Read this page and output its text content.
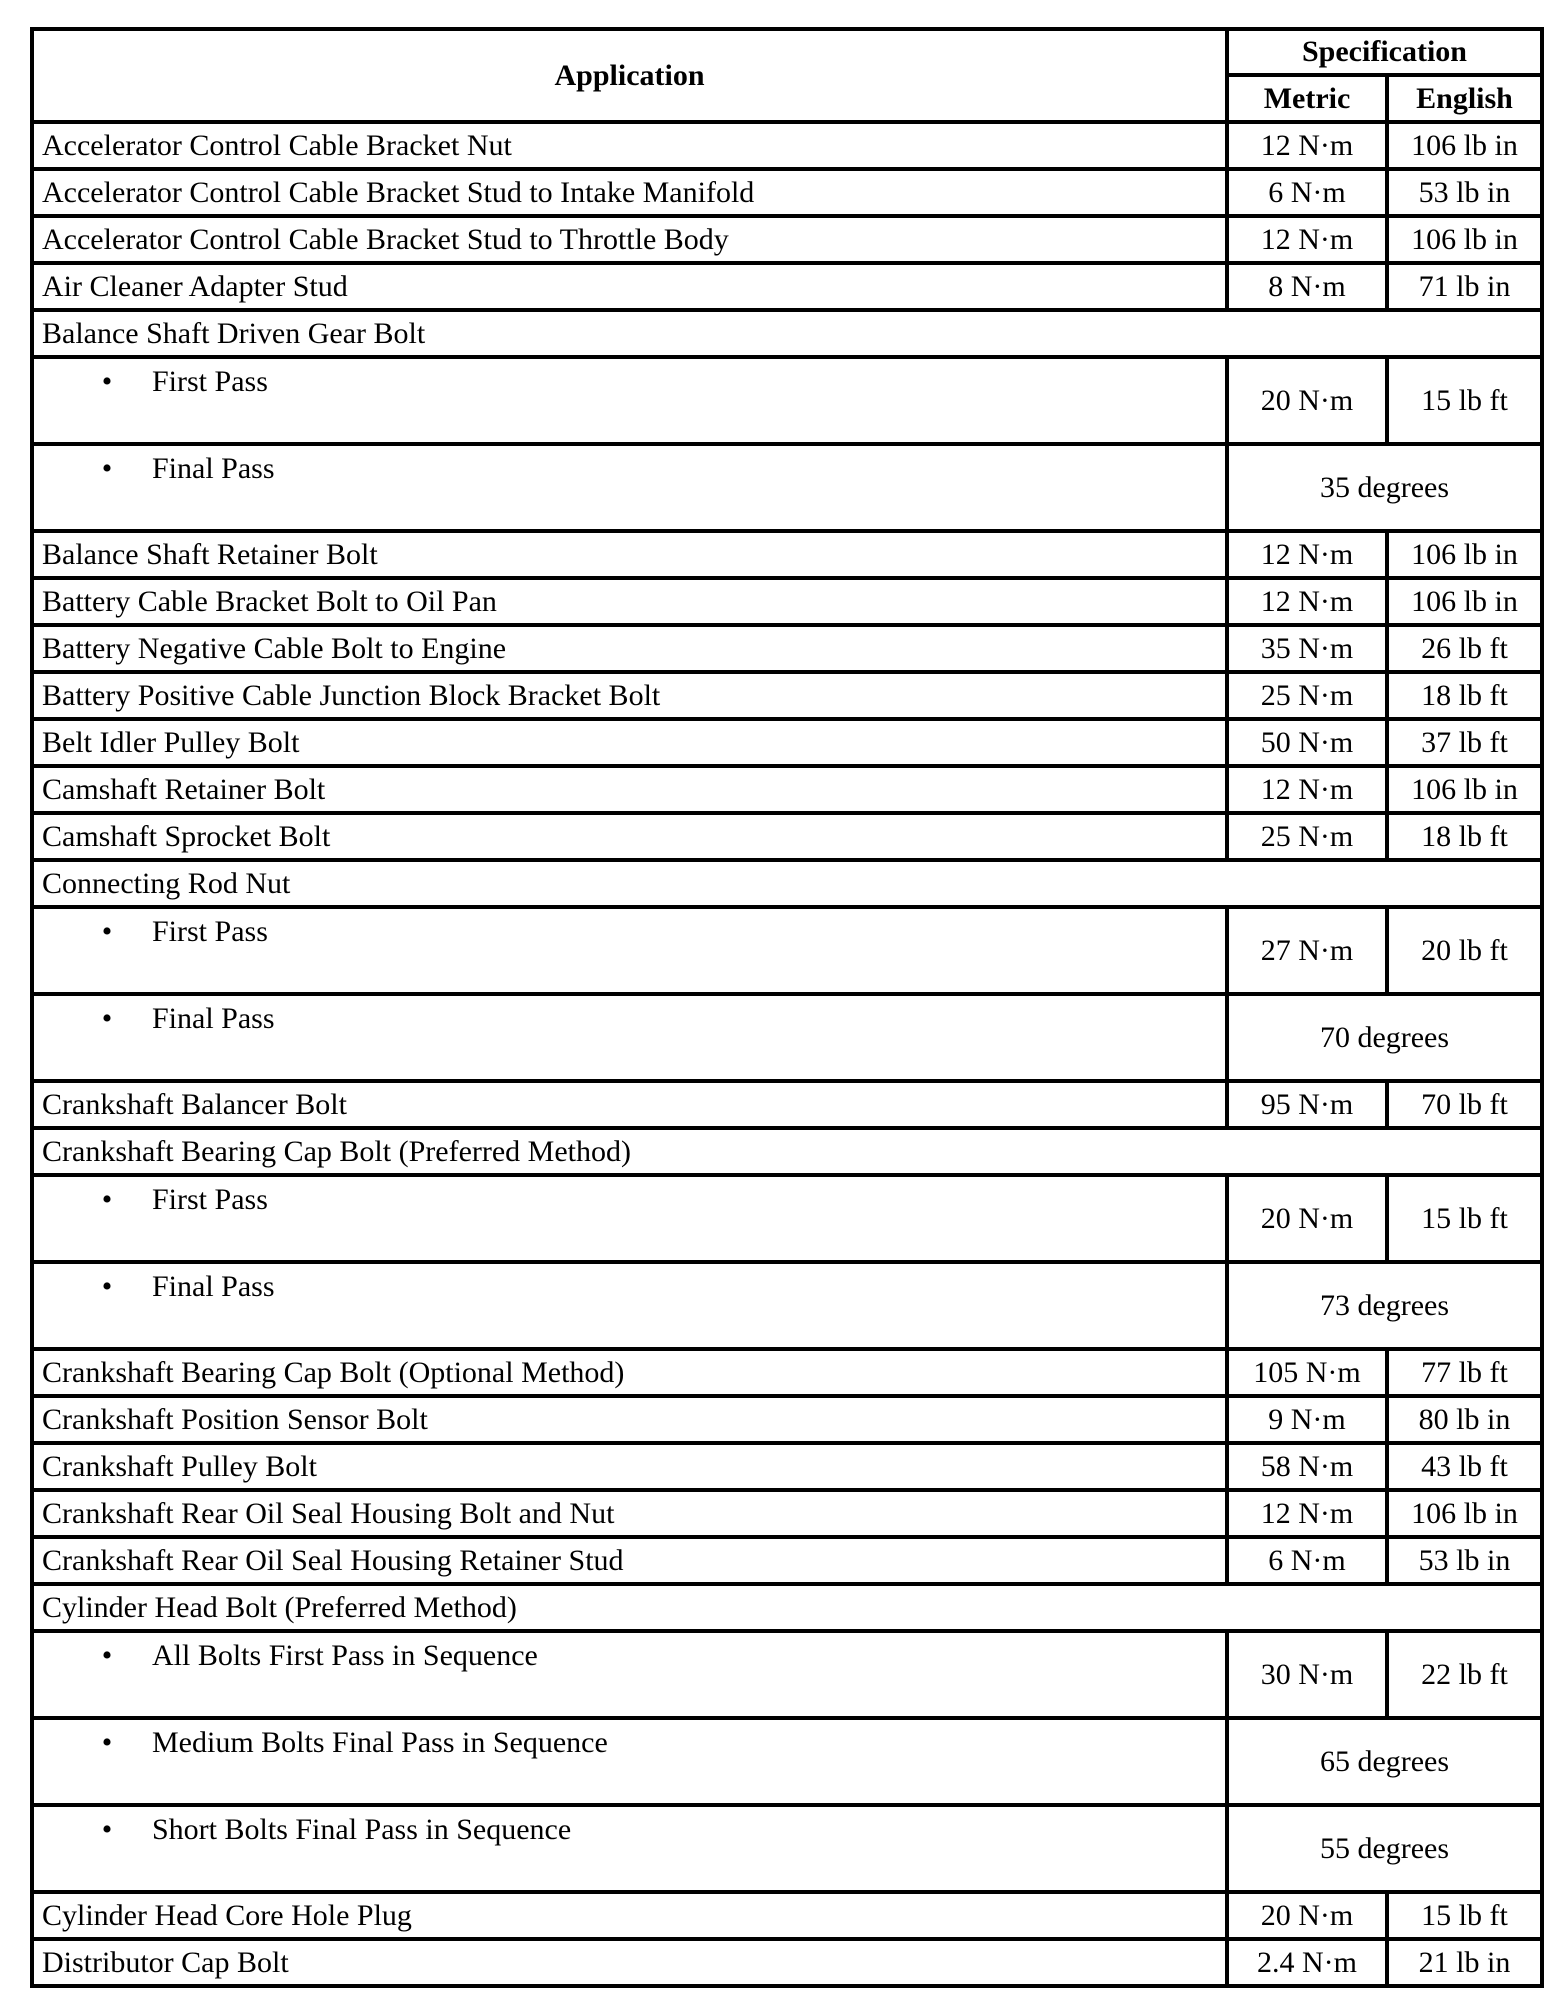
Application	Specification	
	Metric	English
Accelerator Control Cable Bracket Nut	12 N·m	106 lb in
Accelerator Control Cable Bracket Stud to Intake Manifold	6 N·m	53 lb in
Accelerator Control Cable Bracket Stud to Throttle Body	12 N·m	106 lb in
Air Cleaner Adapter Stud	8 N·m	71 lb in
Balance Shaft Driven Gear Bolt		
• First Pass	20 N·m	15 lb ft
• Final Pass	35 degrees	
Balance Shaft Retainer Bolt	12 N·m	106 lb in
Battery Cable Bracket Bolt to Oil Pan	12 N·m	106 lb in
Battery Negative Cable Bolt to Engine	35 N·m	26 lb ft
Battery Positive Cable Junction Block Bracket Bolt	25 N·m	18 lb ft
Belt Idler Pulley Bolt	50 N·m	37 lb ft
Camshaft Retainer Bolt	12 N·m	106 lb in
Camshaft Sprocket Bolt	25 N·m	18 lb ft
Connecting Rod Nut		
• First Pass	27 N·m	20 lb ft
• Final Pass	70 degrees	
Crankshaft Balancer Bolt	95 N·m	70 lb ft
Crankshaft Bearing Cap Bolt (Preferred Method)		
• First Pass	20 N·m	15 lb ft
• Final Pass	73 degrees	
Crankshaft Bearing Cap Bolt (Optional Method)	105 N·m	77 lb ft
Crankshaft Position Sensor Bolt	9 N·m	80 lb in
Crankshaft Pulley Bolt	58 N·m	43 lb ft
Crankshaft Rear Oil Seal Housing Bolt and Nut	12 N·m	106 lb in
Crankshaft Rear Oil Seal Housing Retainer Stud	6 N·m	53 lb in
Cylinder Head Bolt (Preferred Method)		
• All Bolts First Pass in Sequence	30 N·m	22 lb ft
• Medium Bolts Final Pass in Sequence	65 degrees	
• Short Bolts Final Pass in Sequence	55 degrees	
Cylinder Head Core Hole Plug	20 N·m	15 lb ft
Distributor Cap Bolt	2.4 N·m	21 lb in
